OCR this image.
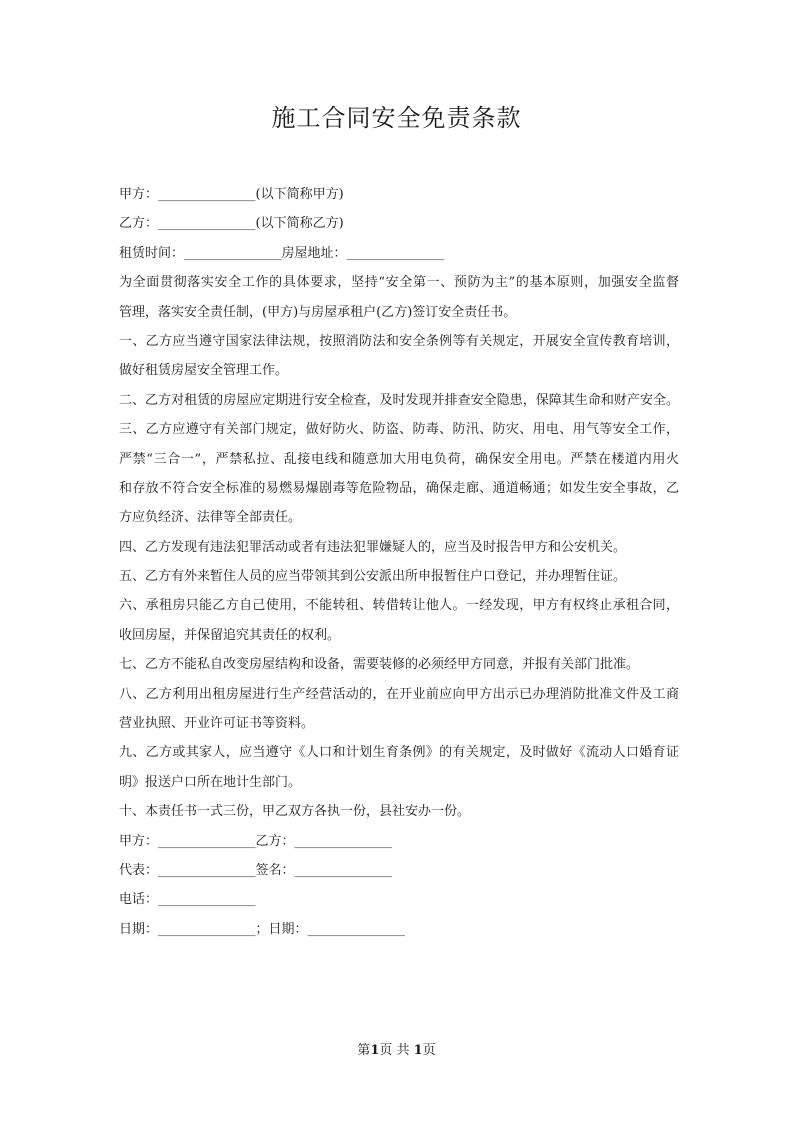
施工合同安全免责条款

甲方：_______________(以下简称甲方)

乙方：_______________(以下简称乙方)

租赁时间：_______________房屋地址：_______________

为全面贯彻落实安全工作的具体要求，坚持“安全第一、预防为主”的基本原则，加强安全监督

管理，落实安全责任制，(甲方)与房屋承租户(乙方)签订安全责任书。

一、乙方应当遵守国家法律法规，按照消防法和安全条例等有关规定，开展安全宣传教育培训，

做好租赁房屋安全管理工作。

二、乙方对租赁的房屋应定期进行安全检查，及时发现并排查安全隐患，保障其生命和财产安全。

三、乙方应遵守有关部门规定，做好防火、防盗、防毒、防汛、防灾、用电、用气等安全工作，

严禁“三合一”，严禁私拉、乱接电线和随意加大用电负荷，确保安全用电。严禁在楼道内用火

和存放不符合安全标准的易燃易爆剧毒等危险物品，确保走廊、通道畅通；如发生安全事故，乙

方应负经济、法律等全部责任。

四、乙方发现有违法犯罪活动或者有违法犯罪嫌疑人的，应当及时报告甲方和公安机关。

五、乙方有外来暂住人员的应当带领其到公安派出所申报暂住户口登记，并办理暂住证。

六、承租房只能乙方自己使用，不能转租、转借转让他人。一经发现，甲方有权终止承租合同，

收回房屋，并保留追究其责任的权利。

七、乙方不能私自改变房屋结构和设备，需要装修的必须经甲方同意，并报有关部门批准。

八、乙方利用出租房屋进行生产经营活动的，在开业前应向甲方出示已办理消防批准文件及工商

营业执照、开业许可证书等资料。

九、乙方或其家人，应当遵守《人口和计划生育条例》的有关规定，及时做好《流动人口婚育证

明》报送户口所在地计生部门。

十、本责任书一式三份，甲乙双方各执一份，县社安办一份。

甲方：_______________乙方：_______________

代表：_______________签名：_______________

电话：_______________

日期：_______________；日期：_______________

第1页 共 1页
